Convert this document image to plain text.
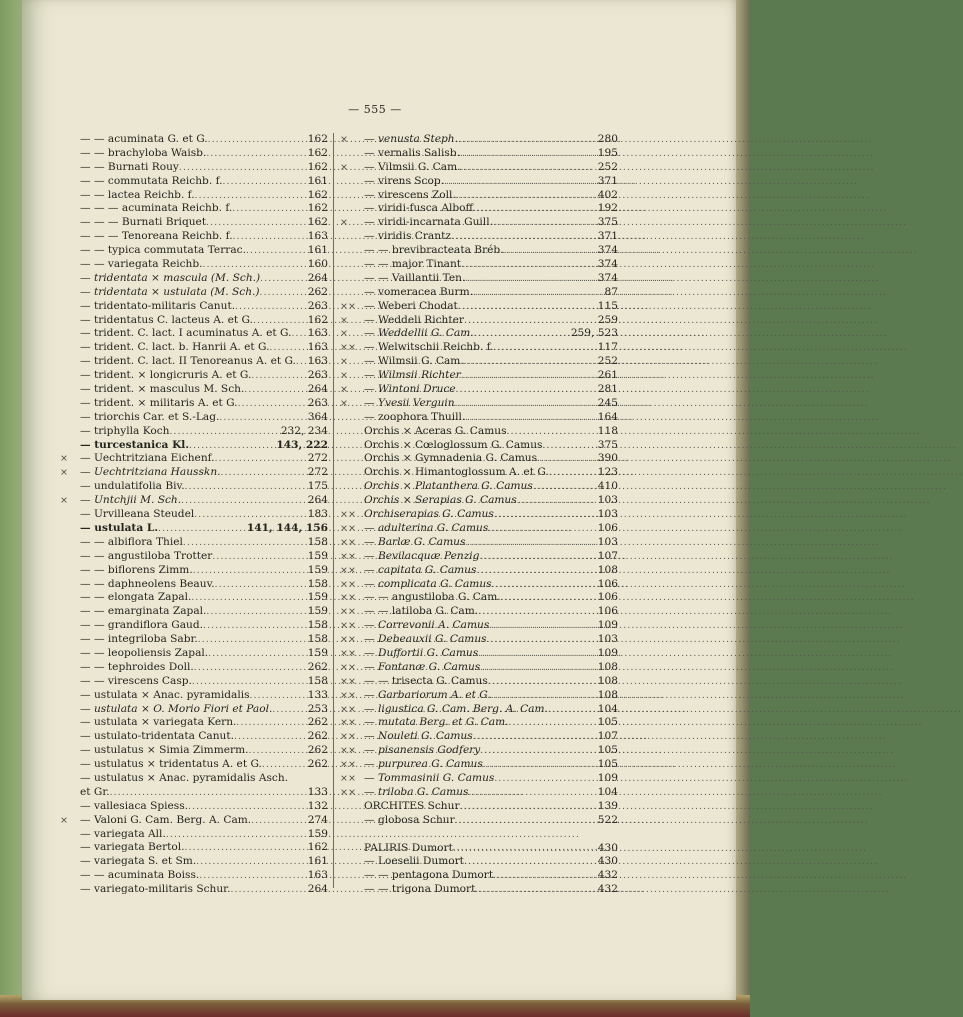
— 555 —
— — acuminata G. et G. .....	162
— — brachyloba Waisb. .....	162
— — Burnati Rouy .....	162
— — commutata Reichb. f. .....	161
— — lactea Reichb. f. .....	162
— — — acuminata Reichb. f. .....	162
— — — Burnati Briquet .....	162
— — — Tenoreana Reichb. f. .....	163
— — typica commutata Terrac. .....	161
— — variegata Reichb. .....	160
— tridentata × mascula (M. Sch.) .....	264
— tridentata × ustulata (M. Sch.) .....	262
— tridentato-militaris Canut. .....	263
— tridentatus C. lacteus A. et G. .....	162
— trident. C. lact. I acuminatus A. et G. .....	163
— trident. C. lact. b. Hanrii A. et G. .....	163
— trident. C. lact. II Tenoreanus A. et G. .....	163
— trident. × longicruris A. et G. .....	263
— trident. × masculus M. Sch. .....	264
— trident. × militaris A. et G. .....	263
— triorchis Car. et S.-Lag. .....	364
— triphylla Koch .....	232, 234
— turcestanica Kl. .....	143, 222
×	— Uechtritziana Eichenf. .....	272
×	— Uechtritziana Hausskn. .....	272
— undulatifolia Biv. .....	175
×	— Untchjii M. Sch. .....	264
— Urvilleana Steudel .....	183
— ustulata L. .....	141, 144, 156
— — albiflora Thiel .....	158
— — angustiloba Trotter .....	159
— — biflorens Zimm. .....	159
— — daphneolens Beauv. .....	158
— — elongata Zapal. .....	159
— — emarginata Zapal. .....	159
— — grandiflora Gaud. .....	158
— — integriloba Sabr. .....	158
— — leopoliensis Zapal. .....	159
— — tephroides Doll. .....	262
— — virescens Casp. .....	158
— ustulata × Anac. pyramidalis .....	133
— ustulata × O. Morio Fiori et Paol. .....	253
— ustulata × variegata Kern. .....	262
— ustulato-tridentata Canut. .....	262
— ustulatus × Simia Zimmerm. .....	262
— ustulatus × tridentatus A. et G. .....	262
— ustulatus × Anac. pyramidalis Asch.
et Gr. .....	133
— vallesiaca Spiess. .....	132
×	— Valoni G. Cam. Berg. A. Cam. .....	274
— variegata All. .....	159
— variegata Bertol. .....	162
— variegata S. et Sm. .....	161
— — acuminata Boiss. .....	163
— variegato-militaris Schur. .....	264
×	— venusta Steph. .....	280
— vernalis Salisb. .....	195
×	— Vilmsii G. Cam. .....	252
— virens Scop. .....	371
— virescens Zoll. .....	402
— viridi-fusca Alboff .....	192
×	— viridi-incarnata Guill. .....	375
— viridis Crantz .....	371
— — brevibracteata Bréb. .....	374
— — major Tinant .....	374
— — Vaillantii Ten. .....	374
— vomeracea Burm. .....	87
×× — Weberi Chodat .....	115
×	— Weddeli Richter .....	259
×	— Weddellii G. Cam. .....	259, 523
×× — Welwitschii Reichb. f. .....	117
×	— Wilmsii G. Cam. .....	252
×	— Wilmsii Richter .....	261
×	— Wintoni Druce .....	281
×	— Yvesii Verguin .....	245
— zoophora Thuill. .....	164
Orchis × Aceras G. Camus .....	118
Orchis × Cœloglossum G. Camus .....	375
Orchis × Gymnadenia G. Camus .....	390
Orchis × Himantoglossum A. et G. .....	123
Orchis × Platanthera G. Camus .....	410
Orchis × Serapias G. Camus .....	103
×× Orchiserapias G. Camus .....	103
×× — adulterina G. Camus .....	106
×× — Barlæ G. Camus .....	103
×× — Bevilacquæ Penzig .....	107
×× — capitata G. Camus .....	108
×× — complicata G. Camus .....	106
×× — — angustiloba G. Cam. .....	106
×× — — latiloba G. Cam. .....	106
×× — Correvonii A. Camus .....	109
×× — Debeauxii G. Camus .....	103
×× — Duffortii G. Camus .....	109
×× — Fontanæ G. Camus .....	108
×× — — trisecta G. Camus .....	108
×× — Garbariorum A. et G. .....	108
×× — ligustica G. Cam. Berg. A. Cam. .....	104
×× — mutata Berg. et G. Cam. .....	105
×× — Nouleti G. Camus .....	107
×× — pisanensis Godfery .....	105
×× — purpurea G. Camus .....	105
×× — Tommasinii G. Camus .....	109
×× — triloba G. Camus .....	104
ORCHITES Schur .....	139
— globosa Schur .....	522
PALIRIS Dumort .....	430
— Loeselii Dumort .....	430
— — pentagona Dumort .....	432
— — trigona Dumort .....	432
